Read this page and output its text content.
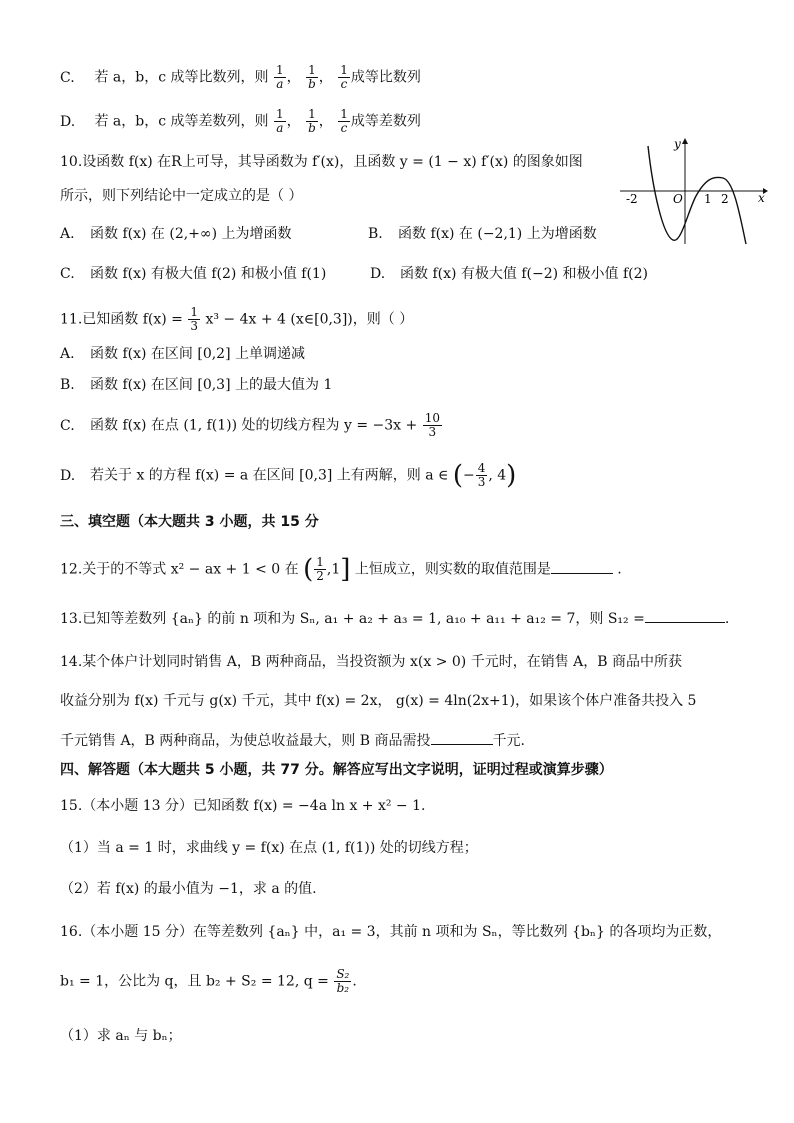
C. 若 a，b，c 成等比数列，则 $\frac{1}{a}$ ， $\frac{1}{b}$ ， $\frac{1}{c}$ 成等比数列
D. 若 a，b，c 成等差数列，则 $\frac{1}{a}$ ， $\frac{1}{b}$ ， $\frac{1}{c}$ 成等差数列
10.设函数 f(x) 在R上可导，其导函数为 f′(x)，且函数 y = (1 − x) f′(x) 的图象如图
所示，则下列结论中一定成立的是（ ）
y
x
O
-2	1 2
A. 函数 f(x) 在 (2,+∞) 上为增函数	B. 函数 f(x) 在 (−2,1) 上为增函数
C. 函数 f(x) 有极大值 f(2) 和极小值 f(1)	D. 函数 f(x) 有极大值 f(−2) 和极小值 f(2)
11.已知函数 $f(x) = \frac{1}{3} x^3 - 4x + 4$ (x∈[0,3])，则（ ）
A. 函数 f(x) 在区间 [0,2] 上单调递减
B. 函数 f(x) 在区间 [0,3] 上的最大值为 1
C. 函数 f(x) 在点 (1, f(1)) 处的切线方程为 $y = -3x + \frac{10}{3}$
D. 若关于 x 的方程 f(x) = a 在区间 [0,3] 上有两解，则 a ∈ (− $\frac{4}{3}$ , 4)
三、填空题（本大题共 3 小题，共 15 分
12.关于的不等式 x² − ax + 1 < 0 在 ( $\frac{1}{2} ,1$] 上恒成立，则实数的取值范围是	.
13.已知等差数列 {aₙ} 的前 n 项和为 Sₙ, a₁ + a₂ + a₃ = 1, a₁₀ + a₁₁ + a₁₂ = 7，则 S₁₂ =	.
14.某个体户计划同时销售 A，B 两种商品，当投资额为 x(x > 0) 千元时，在销售 A，B 商品中所获
收益分别为 f(x) 千元与 g(x) 千元，其中 f(x) = 2x， g(x) = 4ln(2x+1)，如果该个体户准备共投入 5
千元销售 A，B 两种商品，为使总收益最大，则 B 商品需投	千元.
四、解答题（本大题共 5 小题，共 77 分。解答应写出文字说明，证明过程或演算步骤）
15.（本小题 13 分）已知函数 f(x) = −4a ln x + x² − 1.
（1）当 a = 1 时，求曲线 y = f(x) 在点 (1, f(1)) 处的切线方程；
（2）若 f(x) 的最小值为 −1，求 a 的值.
16.（本小题 15 分）在等差数列 {aₙ} 中，a₁ = 3，其前 n 项和为 Sₙ，等比数列 {bₙ} 的各项均为正数，
b₁ = 1，公比为 q，且 b₂ + S₂ = 12, $q = \frac{\text{S₂}}{\text{b₂}}$ .
（1）求 aₙ 与 bₙ；
